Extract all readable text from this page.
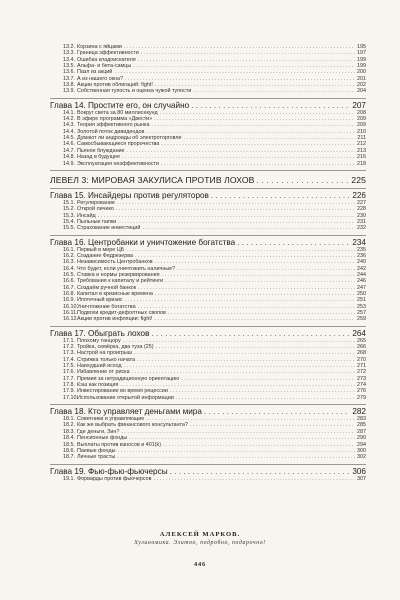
13.2. Корзина с яйцами . . .	195
13.3. Граница эффективности . . .	197
13.4. Ошибка кладоискателя . . .	199
13.5. Альфа- и бета-самцы . . .	199
13.6. Пазл из акций . . .	200
13.7. А из нашего окна? . . .	201
13.8. Акции против облигаций: fight! . . .	202
13.9. Собственная тупость и оценка чужой тупости . . .	204
Глава 14. Простите его, он случайно . . .	207
14.1. Вокруг света за 80 миллисекунд . . .	208
14.2. В эфире программа «Двести» . . .	209
14.3. Теория эффективного рынка . . .	209
14.4. Золотой поток дивидендов . . .	210
14.5. Думают ли андроиды об электроторговле . . .	211
14.6. Самосбывающиеся пророчества . . .	212
14.7. Пьяное блуждание . . .	213
14.8. Назад в будущее . . .	216
14.9. Эксплуатация неэффективности . . .	218
ЛЕВЕЛ 3: МИРОВАЯ ЗАКУЛИСА ПРОТИВ ЛОХОВ . . .	225
Глава 15. Инсайдеры против регуляторов . . .	226
15.1. Регулирование . . .	227
15.2. Открой личико . . .	228
15.3. Инсайд . . .	230
15.4. Пыльные папки . . .	231
15.5. Страхование инвестиций . . .	232
Глава 16. Центробанки и уничтожение богатства . . .	234
16.1. Первый в мире ЦБ . . .	235
16.2. Создание Федрезерва . . .	236
16.3. Независимость Центробанков . . .	240
16.4. Что будет, если уничтожить наличные? . . .	242
16.5. Ставка и нормы резервирования . . .	244
16.6. Требования к капиталу и рейтинги . . .	246
16.7. Создаём ручной банкок . . .	247
16.8. Капитал в кризисные времена . . .	250
16.9. Ипотечный кризис . . .	251
16.10. Уничтожение богатства . . .	253
16.11. Подвохи кредит-дефолтных свопов . . .	257
16.12. Акции против инфляции: fight! . . .	259
Глава 17. Обыграть лохов . . .	264
17.1. Плохому танцору . . .	265
17.2. Тройка, семёрка, два туза (25) . . .	266
17.3. Настрой на проигрыш . . .	268
17.4. Стрижка только начата . . .	270
17.5. Наихудший исход . . .	271
17.6. Избавление от риска . . .	272
17.7. Премия за нетрадиционную ориентацию . . .	273
17.8. Кэш как позиция . . .	274
17.9. Инвестирование во время рецессии . . .	276
17.10. Использование открытой информации . . .	279
Глава 18. Кто управляет деньгами мира . . .	282
18.1. Советники и управляющие . . .	283
18.2. Как же выбрать финансового консультанта? . . .	285
18.3. Где деньги, Зин? . . .	287
18.4. Пенсионные фонды . . .	290
18.5. Выплаты против взносов и 401(k) . . .	294
18.6. Паевые фонды . . .	300
18.7. Личные трасты . . .	302
Глава 19. Фью-фью-фьючерсы . . .	306
19.1. Форварды против фьючерсов . . .	307
АЛЕКСЕЙ МАРКОВ.
Хулиномика. Элитно, подробно, подарочно!
446
